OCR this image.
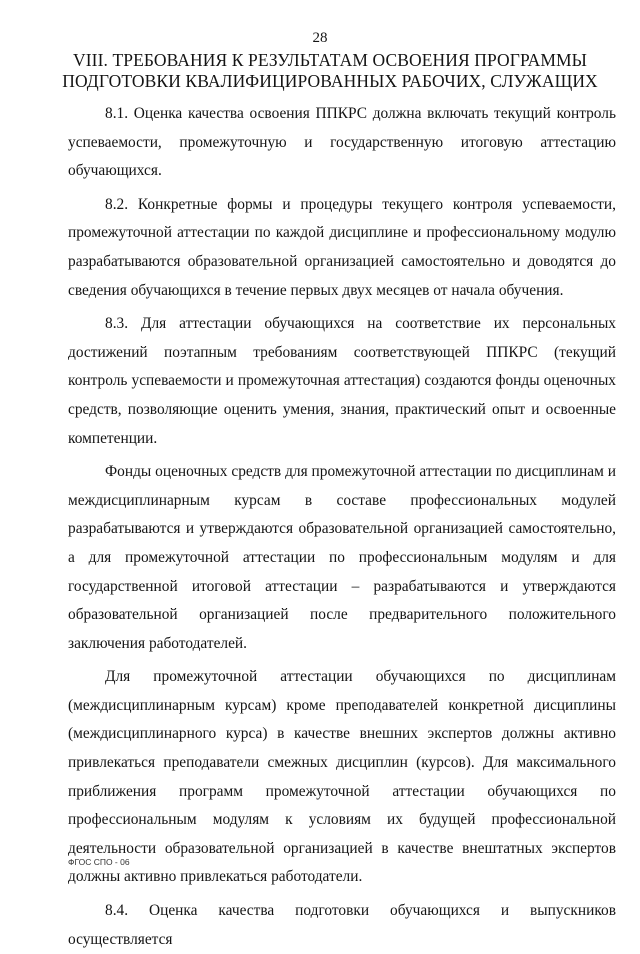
28
VIII. ТРЕБОВАНИЯ К РЕЗУЛЬТАТАМ ОСВОЕНИЯ ПРОГРАММЫ
ПОДГОТОВКИ КВАЛИФИЦИРОВАННЫХ РАБОЧИХ, СЛУЖАЩИХ

8.1. Оценка качества освоения ППКРС должна включать текущий контроль успеваемости, промежуточную и государственную итоговую аттестацию обучающихся.

8.2. Конкретные формы и процедуры текущего контроля успеваемости, промежуточной аттестации по каждой дисциплине и профессиональному модулю разрабатываются образовательной организацией самостоятельно и доводятся до сведения обучающихся в течение первых двух месяцев от начала обучения.

8.3. Для аттестации обучающихся на соответствие их персональных достижений поэтапным требованиям соответствующей ППКРС (текущий контроль успеваемости и промежуточная аттестация) создаются фонды оценочных средств, позволяющие оценить умения, знания, практический опыт и освоенные компетенции.

Фонды оценочных средств для промежуточной аттестации по дисциплинам и междисциплинарным курсам в составе профессиональных модулей разрабатываются и утверждаются образовательной организацией самостоятельно, а для промежуточной аттестации по профессиональным модулям и для государственной итоговой аттестации – разрабатываются и утверждаются образовательной организацией после предварительного положительного заключения работодателей.

Для промежуточной аттестации обучающихся по дисциплинам (междисциплинарным курсам) кроме преподавателей конкретной дисциплины (междисциплинарного курса) в качестве внешних экспертов должны активно привлекаться преподаватели смежных дисциплин (курсов). Для максимального приближения программ промежуточной аттестации обучающихся по профессиональным модулям к условиям их будущей профессиональной деятельности образовательной организацией в качестве внештатных экспертов должны активно привлекаться работодатели.

8.4. Оценка качества подготовки обучающихся и выпускников осуществляется

ФГОС СПО - 06
